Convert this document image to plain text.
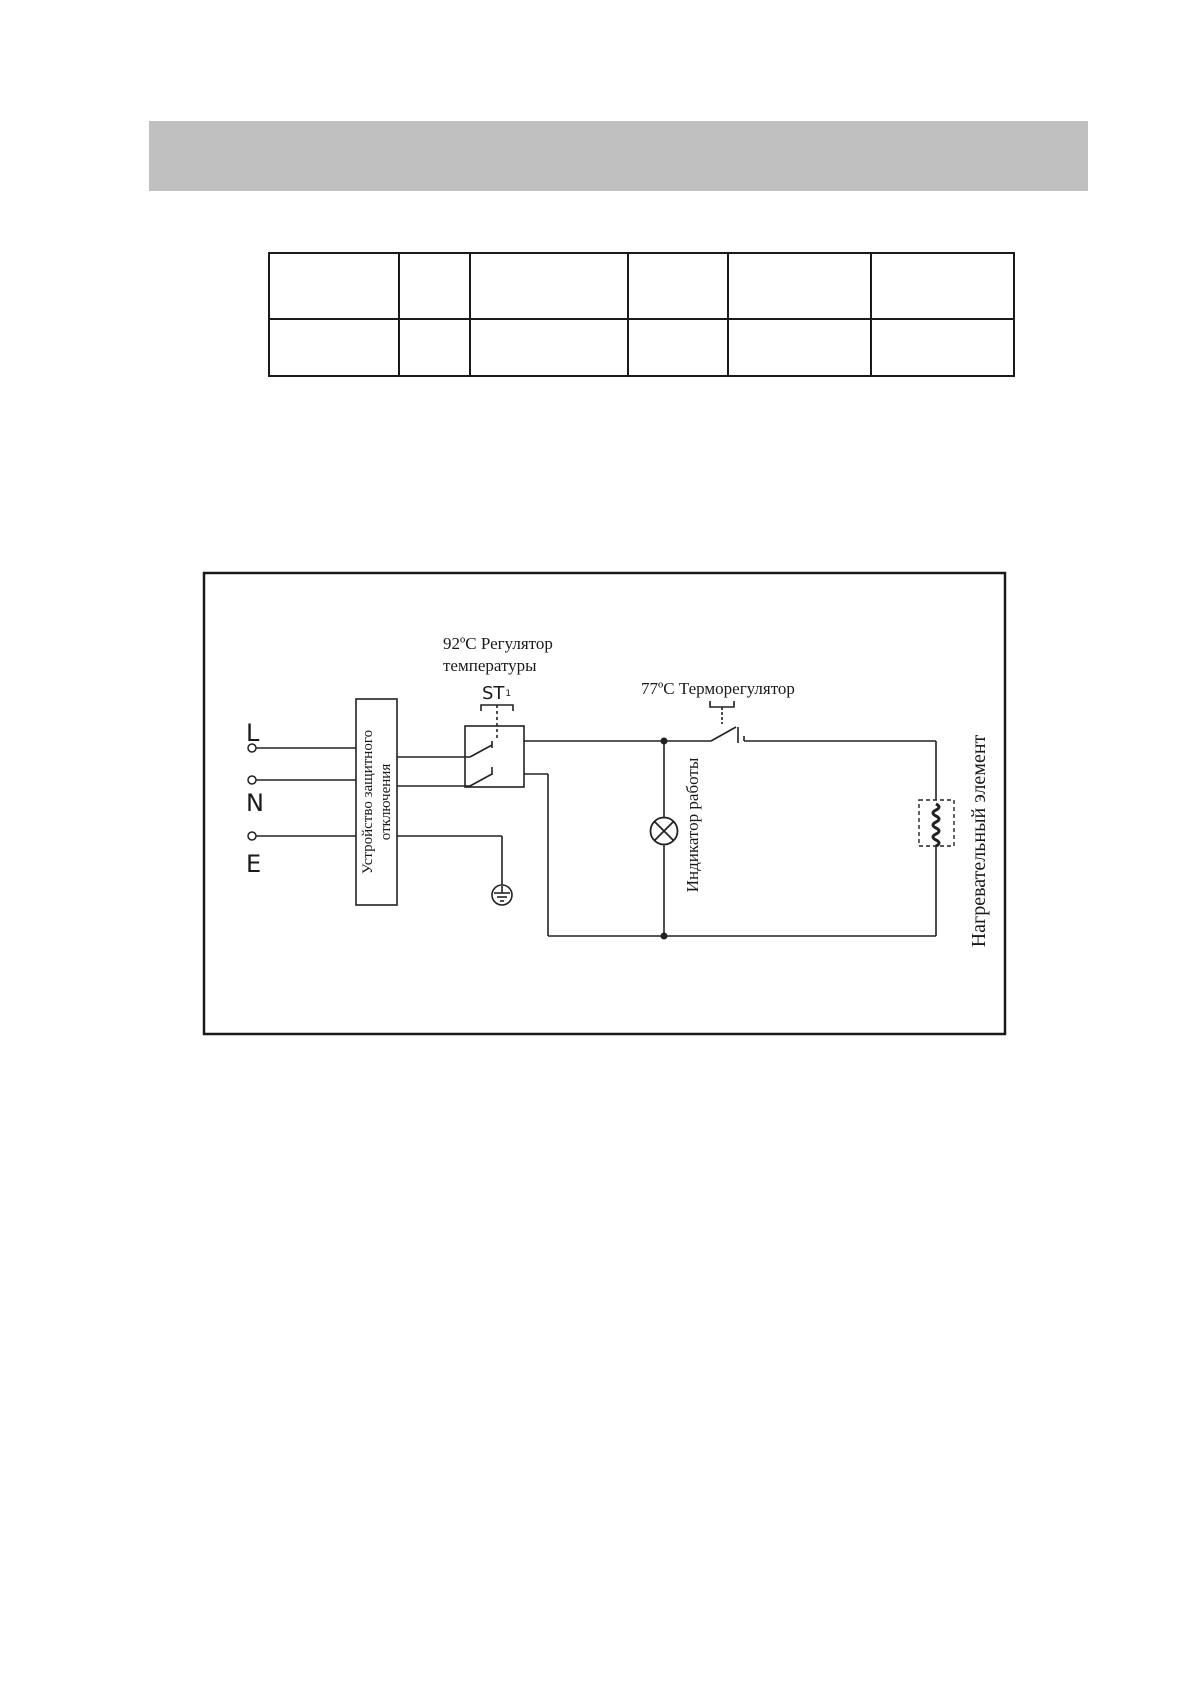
L
N
E	Устройство защитного отключения
92ºC Регулятор
температуры
ST1	77ºC Терморегулятор
Индикатор работы	Нагревательный элемент
